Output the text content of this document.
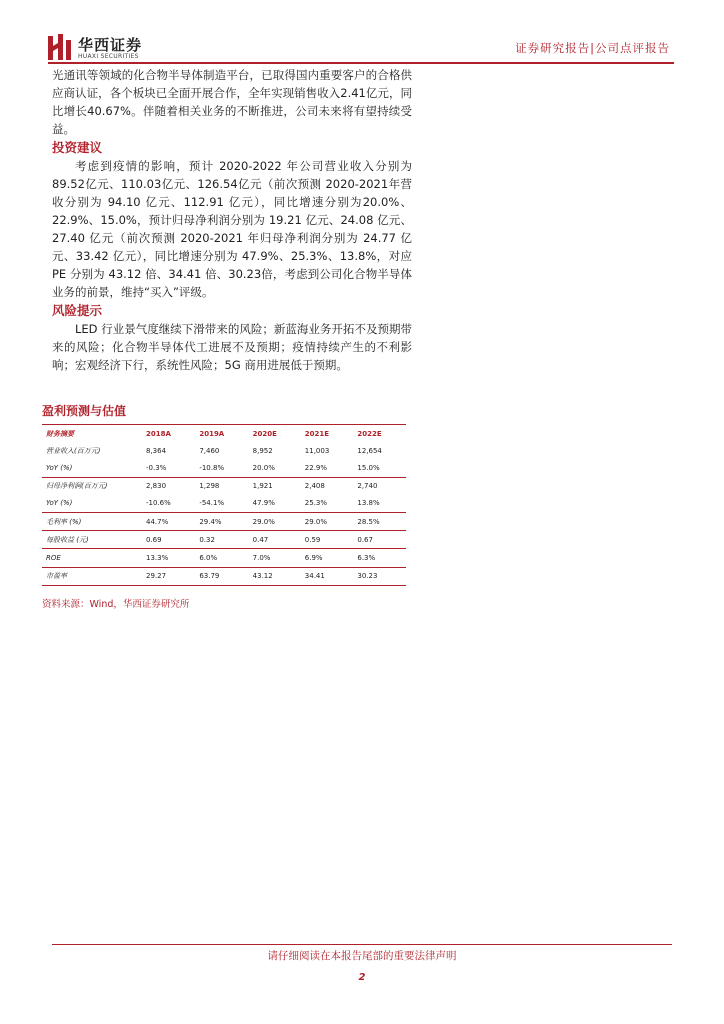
华西证券
HUAXI SECURITIES
证券研究报告|公司点评报告

光通讯等领域的化合物半导体制造平台，已取得国内重要客户的合格供应商认证，各个板块已全面开展合作，全年实现销售收入2.41亿元，同比增长40.67%。伴随着相关业务的不断推进，公司未来将有望持续受益。

投资建议

考虑到疫情的影响，预计 2020-2022 年公司营业收入分别为89.52亿元、110.03亿元、126.54亿元（前次预测 2020-2021年营收分别为 94.10 亿元、112.91 亿元），同比增速分别为20.0%、22.9%、15.0%，预计归母净利润分别为 19.21 亿元、24.08 亿元、27.40 亿元（前次预测 2020-2021 年归母净利润分别为 24.77 亿元、33.42 亿元），同比增速分别为 47.9%、25.3%、13.8%，对应 PE 分别为 43.12 倍、34.41 倍、30.23倍，考虑到公司化合物半导体业务的前景，维持“买入”评级。

风险提示

LED 行业景气度继续下滑带来的风险；新蓝海业务开拓不及预期带来的风险；化合物半导体代工进展不及预期；疫情持续产生的不利影响；宏观经济下行，系统性风险；5G 商用进展低于预期。

盈利预测与估值
财务摘要	2018A	2019A	2020E	2021E	2022E
营业收入(百万元)	8,364	7,460	8,952	11,003	12,654
YoY (%)	-0.3%	-10.8%	20.0%	22.9%	15.0%
归母净利润(百万元)	2,830	1,298	1,921	2,408	2,740
YoY (%)	-10.6%	-54.1%	47.9%	25.3%	13.8%
毛利率 (%)	44.7%	29.4%	29.0%	29.0%	28.5%
每股收益 (元)	0.69	0.32	0.47	0.59	0.67
ROE	13.3%	6.0%	7.0%	6.9%	6.3%
市盈率	29.27	63.79	43.12	34.41	30.23
资料来源：Wind，华西证券研究所
请仔细阅读在本报告尾部的重要法律声明
2
